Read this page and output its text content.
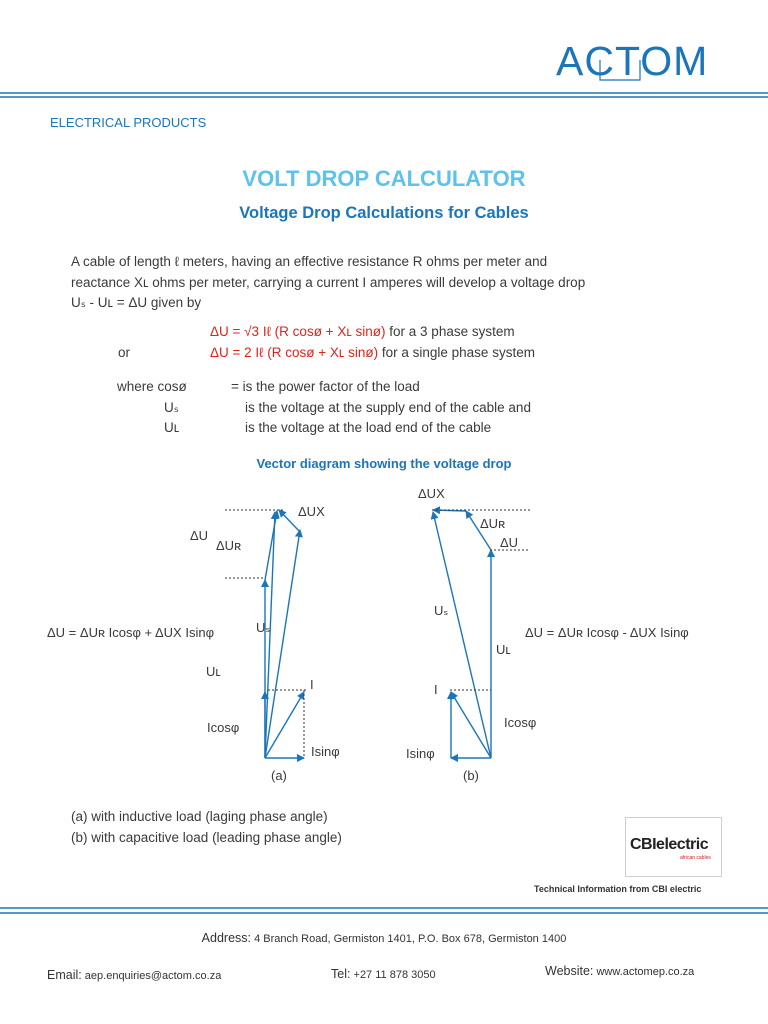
ACTOM
ELECTRICAL PRODUCTS
VOLT DROP CALCULATOR
Voltage Drop Calculations for Cables
A cable of length ℓ meters, having an effective resistance R ohms per meter and
reactance Xʟ ohms per meter, carrying a current I amperes will develop a voltage drop
Uₛ - Uʟ = ΔU given by
ΔU = √3 Iℓ (R cosø + Xʟ sinø) for a 3 phase system
or	ΔU = 2 Iℓ (R cosø + Xʟ sinø) for a single phase system
where cosø	= is the power factor of the load
Uₛ	is the voltage at the supply end of the cable and
Uʟ	is the voltage at the load end of the cable
Vector diagram showing the voltage drop
ΔUX
ΔU
ΔUʀ
Uₛ
Uʟ
I
Icosφ
Isinφ
(a)
ΔU = ΔUʀ Icosφ + ΔUX Isinφ
ΔUX
ΔUʀ
ΔU
Uₛ
Uʟ
I
Icosφ
Isinφ
(b)
ΔU = ΔUʀ Icosφ - ΔUX Isinφ
(a) with inductive load (laging phase angle)
(b) with capacitive load (leading phase angle)	CBIelectric
african cables
Technical Information from CBI electric
Address: 4 Branch Road, Germiston 1401, P.O. Box 678, Germiston 1400
Email: aep.enquiries@actom.co.za	Tel: +27 11 878 3050	Website: www.actomep.co.za
